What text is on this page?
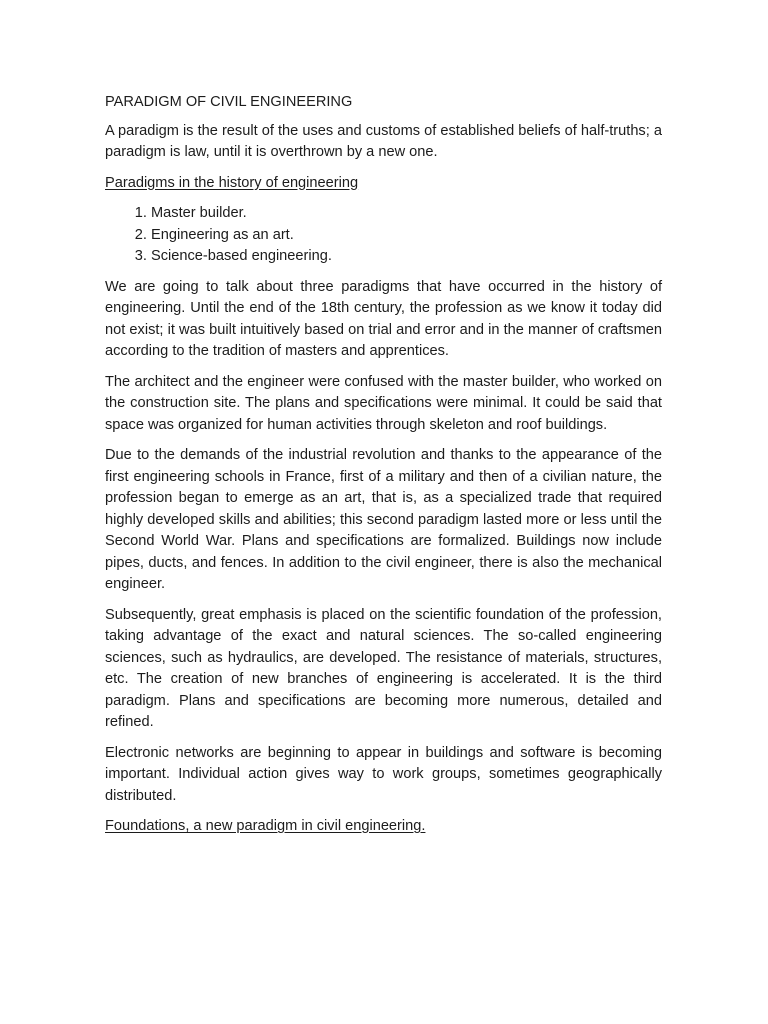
PARADIGM OF CIVIL ENGINEERING

A paradigm is the result of the uses and customs of established beliefs of half-truths; a paradigm is law, until it is overthrown by a new one.

Paradigms in the history of engineering
1. Master builder.
2. Engineering as an art.
3. Science-based engineering.

We are going to talk about three paradigms that have occurred in the history of engineering. Until the end of the 18th century, the profession as we know it today did not exist; it was built intuitively based on trial and error and in the manner of craftsmen according to the tradition of masters and apprentices.

The architect and the engineer were confused with the master builder, who worked on the construction site. The plans and specifications were minimal. It could be said that space was organized for human activities through skeleton and roof buildings.

Due to the demands of the industrial revolution and thanks to the appearance of the first engineering schools in France, first of a military and then of a civilian nature, the profession began to emerge as an art, that is, as a specialized trade that required highly developed skills and abilities; this second paradigm lasted more or less until the Second World War. Plans and specifications are formalized. Buildings now include pipes, ducts, and fences. In addition to the civil engineer, there is also the mechanical engineer.

Subsequently, great emphasis is placed on the scientific foundation of the profession, taking advantage of the exact and natural sciences. The so-called engineering sciences, such as hydraulics, are developed. The resistance of materials, structures, etc. The creation of new branches of engineering is accelerated. It is the third paradigm. Plans and specifications are becoming more numerous, detailed and refined.

Electronic networks are beginning to appear in buildings and software is becoming important. Individual action gives way to work groups, sometimes geographically distributed.

Foundations, a new paradigm in civil engineering.
